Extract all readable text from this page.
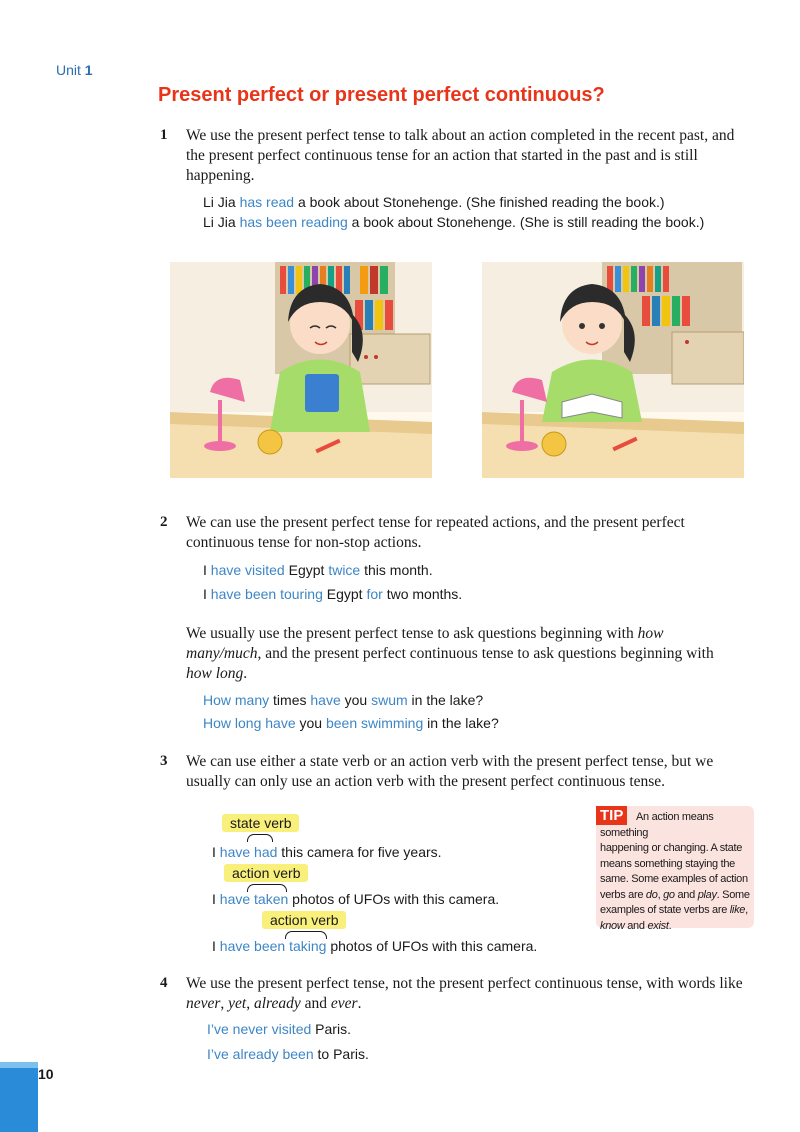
Unit 1
Present perfect or present perfect continuous?
1 We use the present perfect tense to talk about an action completed in the recent past, and the present perfect continuous tense for an action that started in the past and is still happening.
Li Jia has read a book about Stonehenge. (She finished reading the book.)
Li Jia has been reading a book about Stonehenge. (She is still reading the book.)
2 We can use the present perfect tense for repeated actions, and the present perfect continuous tense for non-stop actions.
I have visited Egypt twice this month.
I have been touring Egypt for two months.
We usually use the present perfect tense to ask questions beginning with how many/much, and the present perfect continuous tense to ask questions beginning with how long.
How many times have you swum in the lake?
How long have you been swimming in the lake?
3 We can use either a state verb or an action verb with the present perfect tense, but we usually can only use an action verb with the present perfect continuous tense.
state verb
I have had this camera for five years.
action verb
I have taken photos of UFOs with this camera.
action verb
I have been taking photos of UFOs with this camera.
TIP	An action means something
happening or changing. A state
means something staying the
same. Some examples of action
verbs are do, go and play. Some
examples of state verbs are like,
know and exist.
4 We use the present perfect tense, not the present perfect continuous tense, with words like never, yet, already and ever.
I’ve never visited Paris.
I’ve already been to Paris.
10
